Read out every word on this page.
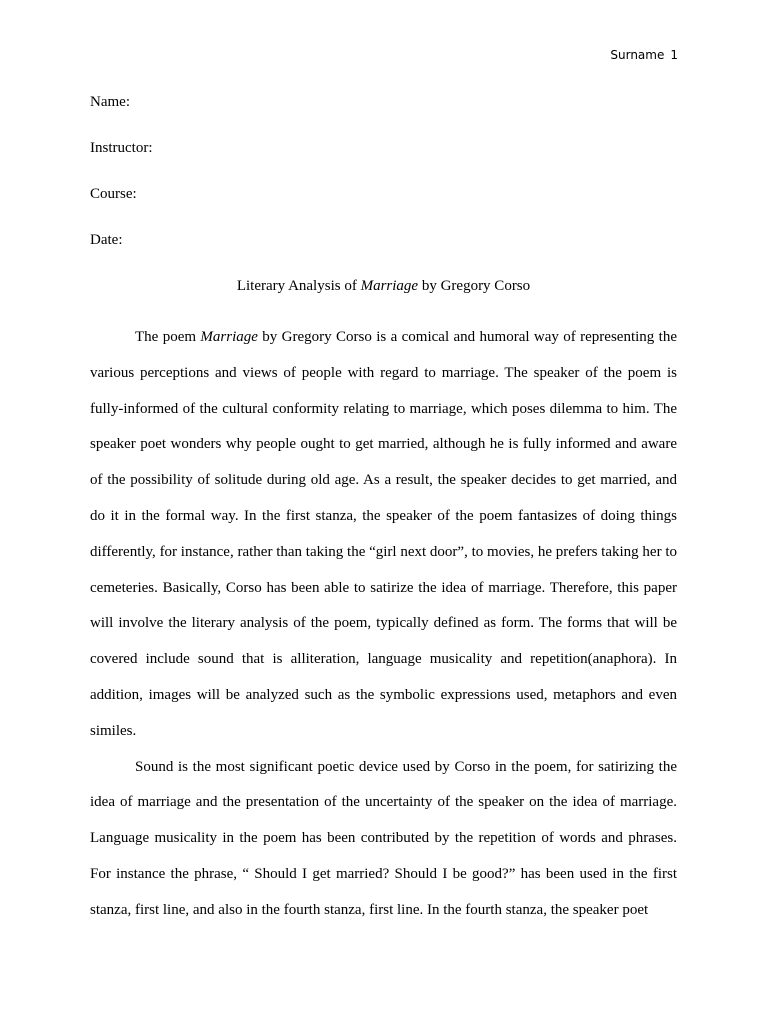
Surname 1
Name:
Instructor:
Course:
Date:
Literary Analysis of Marriage by Gregory Corso

The poem Marriage by Gregory Corso is a comical and humoral way of representing the various perceptions and views of people with regard to marriage. The speaker of the poem is fully-informed of the cultural conformity relating to marriage, which poses dilemma to him. The speaker poet wonders why people ought to get married, although he is fully informed and aware of the possibility of solitude during old age. As a result, the speaker decides to get married, and do it in the formal way. In the first stanza, the speaker of the poem fantasizes of doing things differently, for instance, rather than taking the “girl next door”, to movies, he prefers taking her to cemeteries. Basically, Corso has been able to satirize the idea of marriage. Therefore, this paper will involve the literary analysis of the poem, typically defined as form. The forms that will be covered include sound that is alliteration, language musicality and repetition(anaphora). In addition, images will be analyzed such as the symbolic expressions used, metaphors and even similes.

Sound is the most significant poetic device used by Corso in the poem, for satirizing the idea of marriage and the presentation of the uncertainty of the speaker on the idea of marriage. Language musicality in the poem has been contributed by the repetition of words and phrases. For instance the phrase, “ Should I get married? Should I be good?” has been used in the first stanza, first line, and also in the fourth stanza, first line. In the fourth stanza, the speaker poet
